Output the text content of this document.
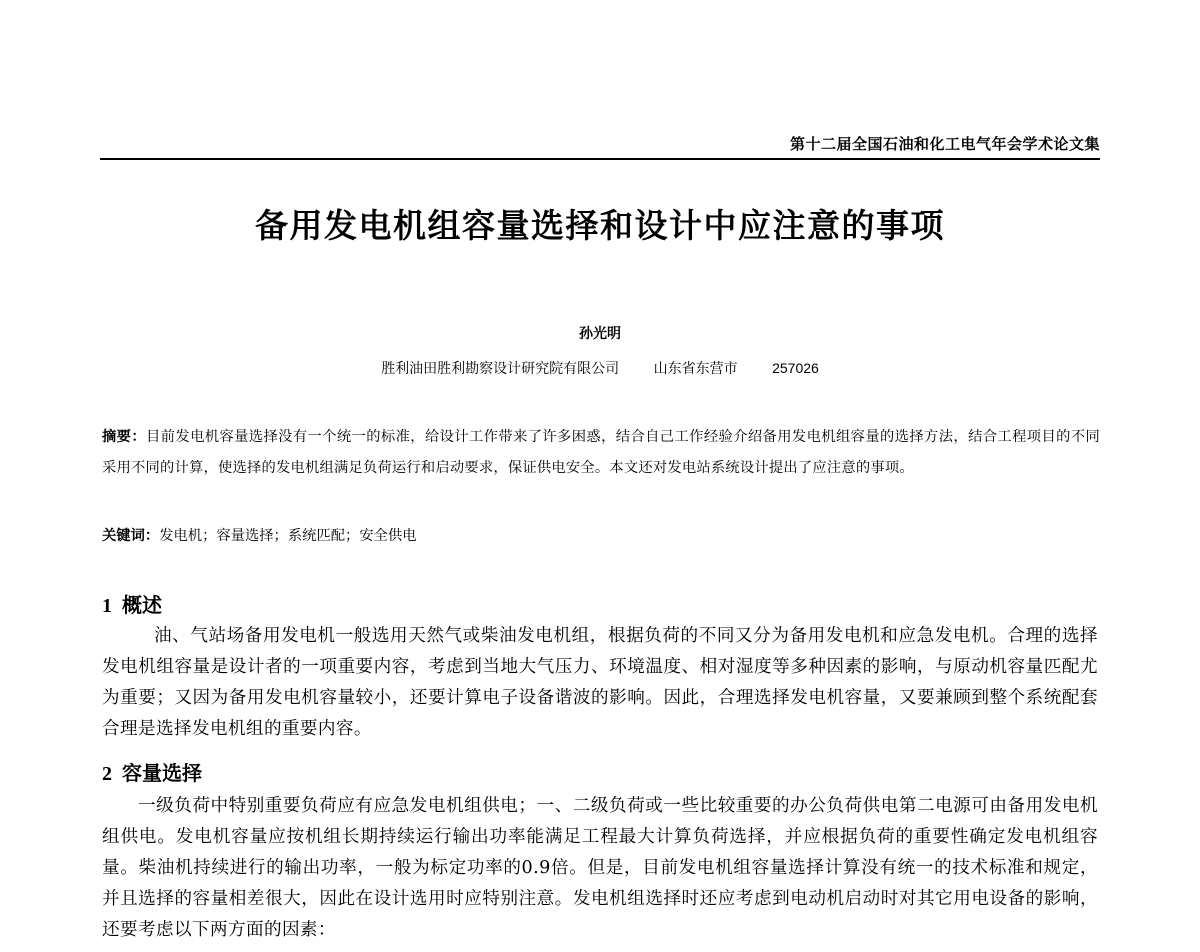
第十二届全国石油和化工电气年会学术论文集
备用发电机组容量选择和设计中应注意的事项
孙光明
胜利油田胜利勘察设计研究院有限公司 山东省东营市 257026
摘要：目前发电机容量选择没有一个统一的标准，给设计工作带来了许多困惑，结合自己工作经验介绍备用发电机组容量的选择方法，结合工程项目的不同采用不同的计算，使选择的发电机组满足负荷运行和启动要求，保证供电安全。本文还对发电站系统设计提出了应注意的事项。
关键词：发电机；容量选择；系统匹配；安全供电
1 概述
油、气站场备用发电机一般选用天然气或柴油发电机组，根据负荷的不同又分为备用发电机和应急发电机。合理的选择发电机组容量是设计者的一项重要内容，考虑到当地大气压力、环境温度、相对湿度等多种因素的影响，与原动机容量匹配尤为重要；又因为备用发电机容量较小，还要计算电子设备谐波的影响。因此，合理选择发电机容量，又要兼顾到整个系统配套合理是选择发电机组的重要内容。
2 容量选择
一级负荷中特别重要负荷应有应急发电机组供电；一、二级负荷或一些比较重要的办公负荷供电第二电源可由备用发电机组供电。发电机容量应按机组长期持续运行输出功率能满足工程最大计算负荷选择，并应根据负荷的重要性确定发电机组容量。柴油机持续进行的输出功率，一般为标定功率的0.9倍。但是，目前发电机组容量选择计算没有统一的技术标准和规定，并且选择的容量相差很大，因此在设计选用时应特别注意。发电机组选择时还应考虑到电动机启动时对其它用电设备的影响，还要考虑以下两方面的因素：
